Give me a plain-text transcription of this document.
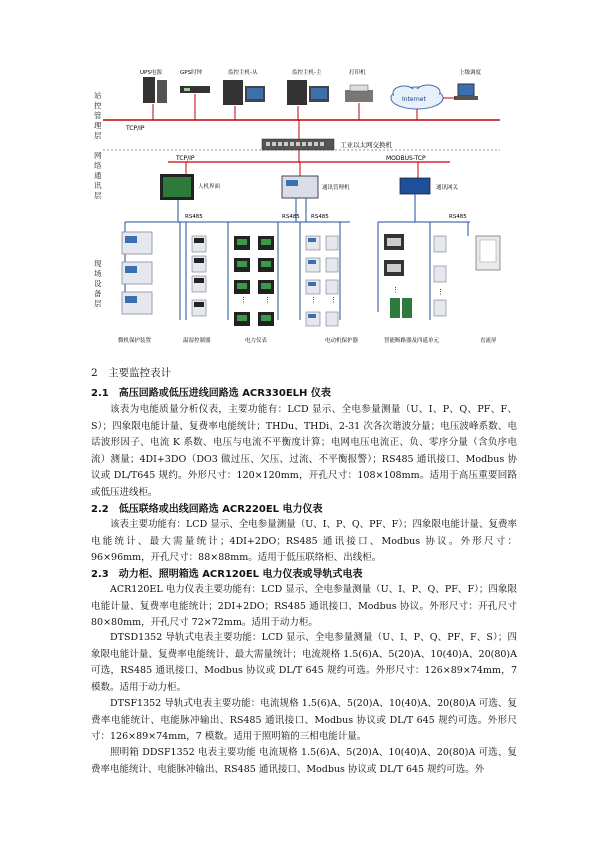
站
控
管
理
层
网
络
通
讯
层
现
场
设
备
层
UPS电源	GPS时钟	监控主机-从	监控主机-主	打印机
Internet
上级调度
TCP/IP
工业以太网交换机
TCP/IP	MODBUS-TCP
人机界面	通讯管理机	通讯网关
RS485	RS485 RS485	RS485
微机保护装置	温湿控制器
⋮ ⋮
电力仪表
⋮ ⋮
电动机保护器
⋮	⋮
智能断路器及四遥单元	直流屏
2　主要监控表计
2.1　高压回路或低压进线回路选 ACR330ELH 仪表
该表为电能质量分析仪表，主要功能有：LCD 显示、全电参量测量（U、I、P、Q、PF、F、S）；四象限电能计量、复费率电能统计；THDu、THDi、2-31 次各次谐波分量；电压波峰系数、电话波形因子、电流 K 系数、电压与电流不平衡度计算；电网电压电流正、负、零序分量（含负序电流）测量；4DI+3DO（DO3 做过压、欠压、过流、不平衡报警）；RS485 通讯接口、Modbus 协议或 DL/T645 规约。外形尺寸：120×120mm，开孔尺寸：108×108mm。适用于高压重要回路或低压进线柜。
2.2　低压联络或出线回路选 ACR220EL 电力仪表
该表主要功能有：LCD 显示、全电参量测量（U、I、P、Q、PF、F）；四象限电能计量、复费率电能统计、最大需量统计；4DI+2DO；RS485 通讯接口、Modbus 协议。外形尺寸：96×96mm，开孔尺寸：88×88mm。适用于低压联络柜、出线柜。
2.3　动力柜、照明箱选 ACR120EL 电力仪表或导轨式电表
ACR120EL 电力仪表主要功能有：LCD 显示、全电参量测量（U、I、P、Q、PF、F）；四象限电能计量、复费率电能统计；2DI+2DO；RS485 通讯接口、Modbus 协议。外形尺寸：开孔尺寸 80×80mm，开孔尺寸 72×72mm。适用于动力柜。
DTSD1352 导轨式电表主要功能：LCD 显示、全电参量测量（U、I、P、Q、PF、F、S）；四象限电能计量、复费率电能统计、最大需量统计；电流规格 1.5(6)A、5(20)A、10(40)A、20(80)A 可选，RS485 通讯接口、Modbus 协议或 DL/T 645 规约可选。外形尺寸：126×89×74mm，7 模数。适用于动力柜。
DTSF1352 导轨式电表主要功能：电流规格 1.5(6)A、5(20)A、10(40)A、20(80)A 可选、复费率电能统计、电能脉冲输出、RS485 通讯接口、Modbus 协议或 DL/T 645 规约可选。外形尺寸：126×89×74mm，7 模数。适用于照明箱的三相电能计量。
照明箱 DDSF1352 电表主要功能 电流规格 1.5(6)A、5(20)A、10(40)A、20(80)A 可选、复费率电能统计、电能脉冲输出、RS485 通讯接口、Modbus 协议或 DL/T 645 规约可选。外
